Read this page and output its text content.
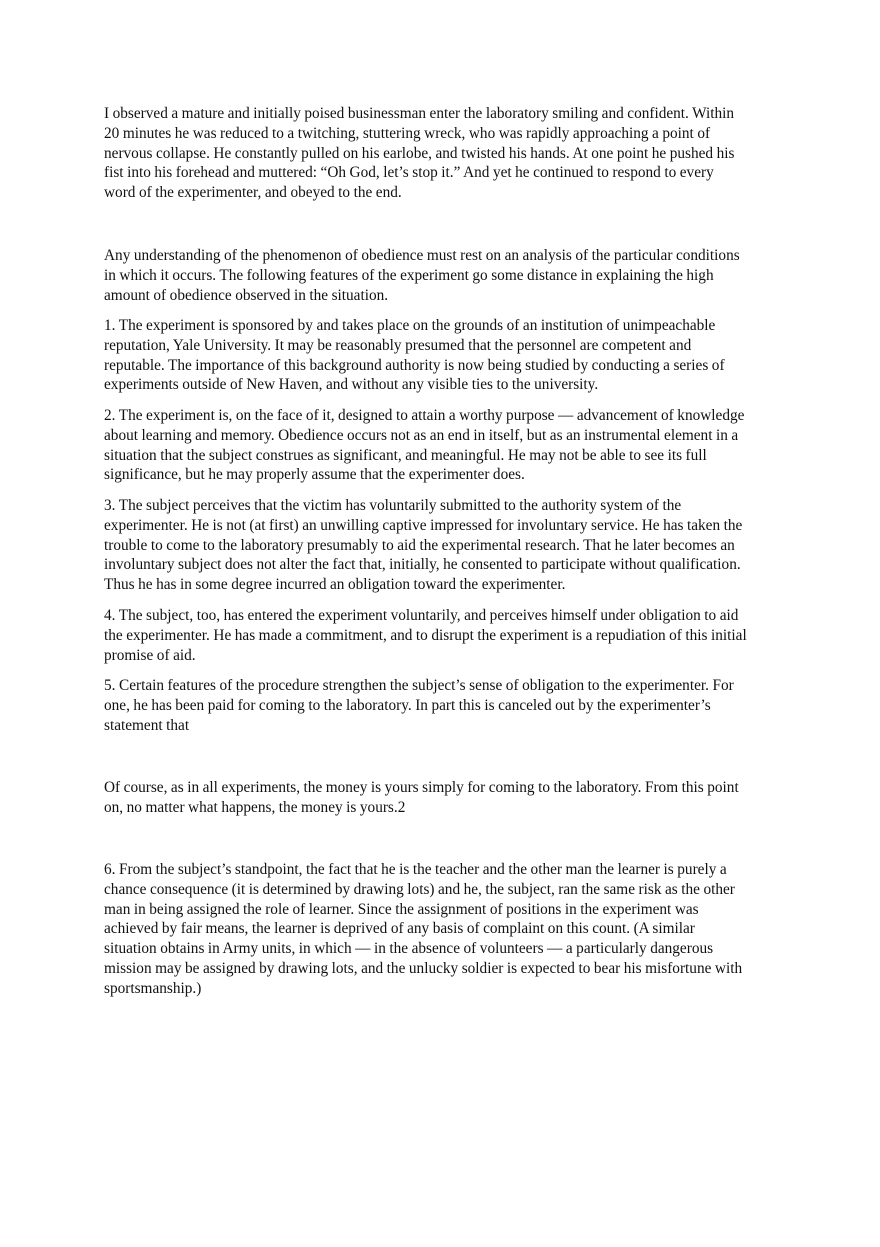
I observed a mature and initially poised businessman enter the laboratory smiling and confident. Within
20 minutes he was reduced to a twitching, stuttering wreck, who was rapidly approaching a point of
nervous collapse. He constantly pulled on his earlobe, and twisted his hands. At one point he pushed his
fist into his forehead and muttered: “Oh God, let’s stop it.” And yet he continued to respond to every
word of the experimenter, and obeyed to the end.

Any understanding of the phenomenon of obedience must rest on an analysis of the particular conditions
in which it occurs. The following features of the experiment go some distance in explaining the high
amount of obedience observed in the situation.

1. The experiment is sponsored by and takes place on the grounds of an institution of unimpeachable
reputation, Yale University. It may be reasonably presumed that the personnel are competent and
reputable. The importance of this background authority is now being studied by conducting a series of
experiments outside of New Haven, and without any visible ties to the university.

2. The experiment is, on the face of it, designed to attain a worthy purpose — advancement of knowledge
about learning and memory. Obedience occurs not as an end in itself, but as an instrumental element in a
situation that the subject construes as significant, and meaningful. He may not be able to see its full
significance, but he may properly assume that the experimenter does.

3. The subject perceives that the victim has voluntarily submitted to the authority system of the
experimenter. He is not (at first) an unwilling captive impressed for involuntary service. He has taken the
trouble to come to the laboratory presumably to aid the experimental research. That he later becomes an
involuntary subject does not alter the fact that, initially, he consented to participate without qualification.
Thus he has in some degree incurred an obligation toward the experimenter.

4. The subject, too, has entered the experiment voluntarily, and perceives himself under obligation to aid
the experimenter. He has made a commitment, and to disrupt the experiment is a repudiation of this initial
promise of aid.

5. Certain features of the procedure strengthen the subject’s sense of obligation to the experimenter. For
one, he has been paid for coming to the laboratory. In part this is canceled out by the experimenter’s
statement that

Of course, as in all experiments, the money is yours simply for coming to the laboratory. From this point
on, no matter what happens, the money is yours.2

6. From the subject’s standpoint, the fact that he is the teacher and the other man the learner is purely a
chance consequence (it is determined by drawing lots) and he, the subject, ran the same risk as the other
man in being assigned the role of learner. Since the assignment of positions in the experiment was
achieved by fair means, the learner is deprived of any basis of complaint on this count. (A similar
situation obtains in Army units, in which — in the absence of volunteers — a particularly dangerous
mission may be assigned by drawing lots, and the unlucky soldier is expected to bear his misfortune with
sportsmanship.)
